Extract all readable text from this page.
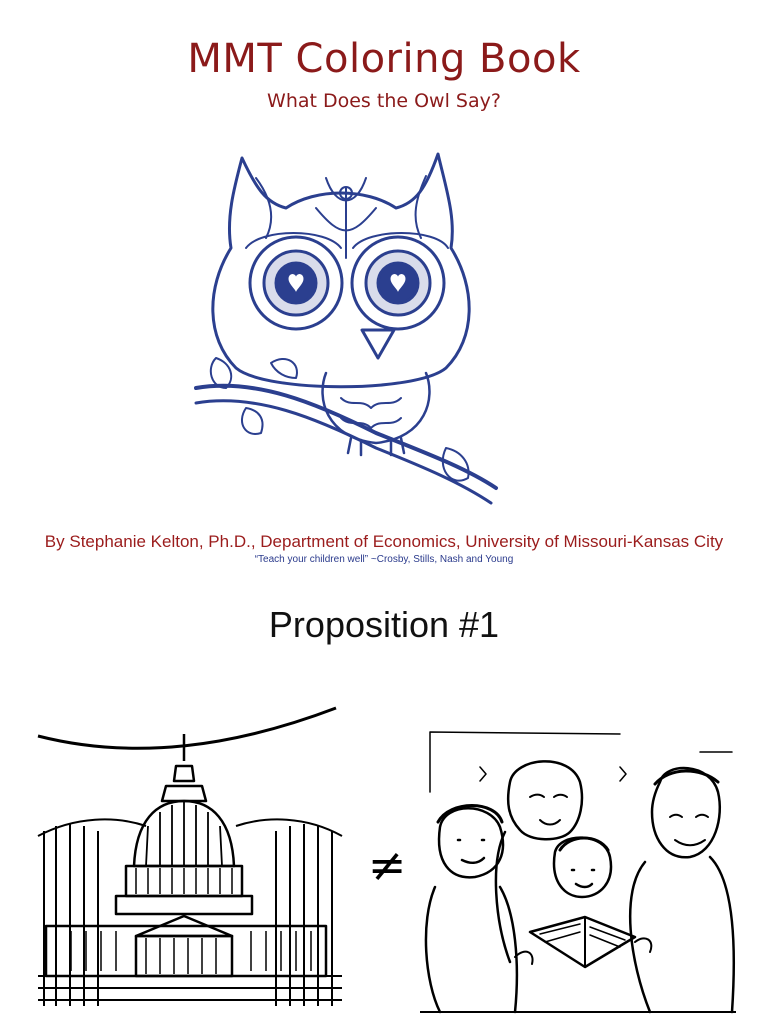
MMT Coloring Book
What Does the Owl Say?
By Stephanie Kelton, Ph.D., Department of Economics, University of Missouri-Kansas City
“Teach your children well” ~Crosby, Stills, Nash and Young
Proposition #1
≠
